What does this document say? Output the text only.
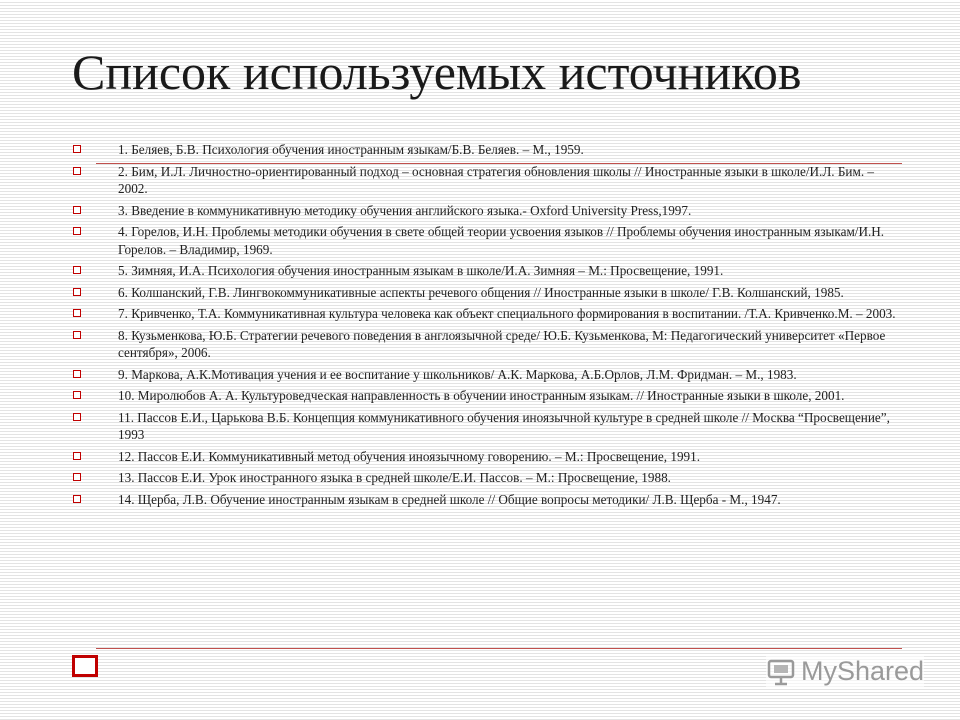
Список используемых источников
1. Беляев, Б.В. Психология обучения иностранным языкам/Б.В. Беляев. – М., 1959.
2. Бим, И.Л. Личностно-ориентированный подход – основная стратегия обновления школы // Иностранные языки в школе/И.Л. Бим. – 2002.
3. Введение в коммуникативную методику обучения английского языка.- Oxford University Press,1997.
4. Горелов, И.Н. Проблемы методики обучения в свете общей теории усвоения языков // Проблемы обучения иностранным языкам/И.Н. Горелов. – Владимир, 1969.
5. Зимняя, И.А. Психология обучения иностранным языкам в школе/И.А. Зимняя – М.: Просвещение, 1991.
6. Колшанский, Г.В. Лингвокоммуникативные аспекты речевого общения // Иностранные языки в школе/ Г.В. Колшанский, 1985.
7. Кривченко, Т.А. Коммуникативная культура человека как объект специального формирования в воспитании. /Т.А. Кривченко.М. – 2003.
8. Кузьменкова, Ю.Б. Стратегии речевого поведения в англоязычной среде/ Ю.Б. Кузьменкова, М: Педагогический университет «Первое сентября», 2006.
9. Маркова, А.К.Мотивация учения и ее воспитание у школьников/ А.К. Маркова, А.Б.Орлов, Л.М. Фридман. – М., 1983.
10. Миролюбов А. А. Культуроведческая направленность в обучении иностранным языкам. // Иностранные языки в школе, 2001.
11. Пассов Е.И., Царькова В.Б. Концепция коммуникативного обучения иноязычной культуре в средней школе // Москва “Просвещение”, 1993
12. Пассов Е.И. Коммуникативный метод обучения иноязычному говорению. – М.: Просвещение, 1991.
13. Пассов Е.И. Урок иностранного языка в средней школе/Е.И. Пассов. – М.: Просвещение, 1988.
14. Щерба, Л.В. Обучение иностранным языкам в средней школе // Общие вопросы методики/ Л.В. Щерба - М., 1947.
MyShared
